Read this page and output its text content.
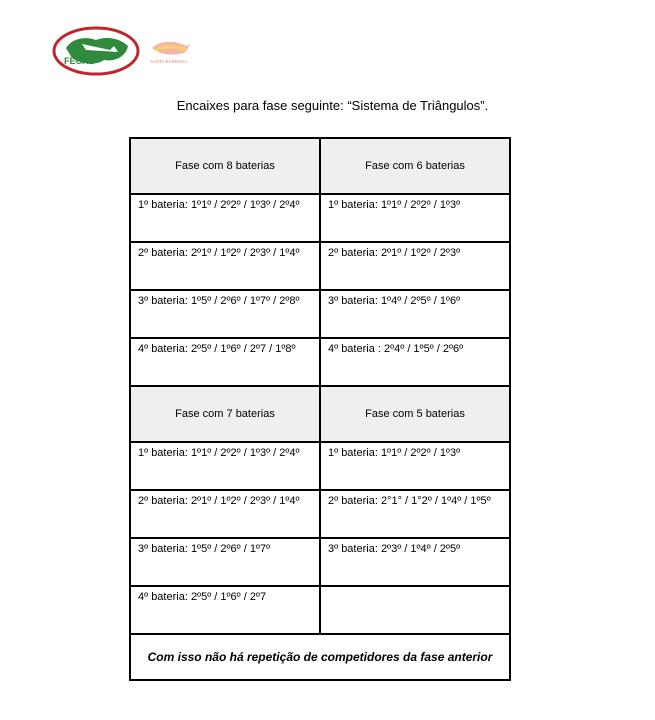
FECAB	SANTA BARBARA
Encaixes para fase seguinte: “Sistema de Triângulos”.
Fase com 8 baterias	Fase com 6 baterias
1º bateria: 1º1º / 2º2º / 1º3º / 2º4º	1º bateria: 1º1º / 2º2º / 1º3º
2º bateria: 2º1º / 1º2º / 2º3º / 1º4º	2º bateria: 2º1º / 1º2º / 2º3º
3º bateria: 1º5º / 2º6º / 1º7º / 2º8º	3º bateria: 1º4º / 2º5º / 1º6º
4º bateria: 2º5º / 1º6º / 2º7 / 1º8º	4º bateria : 2º4º / 1º5º / 2º6º
Fase com 7 baterias	Fase com 5 baterias
1º bateria: 1º1º / 2º2º / 1º3º / 2º4º	1º bateria: 1º1º / 2º2º / 1º3º
2º bateria: 2º1º / 1º2º / 2º3º / 1º4º	2º bateria: 2°1° / 1°2º / 1º4º / 1º5º
3º bateria: 1º5º / 2º6º / 1º7º	3º bateria: 2º3º / 1º4º / 2º5º
4º bateria: 2º5º / 1º6º / 2º7	
Com isso não há repetição de competidores da fase anterior	
